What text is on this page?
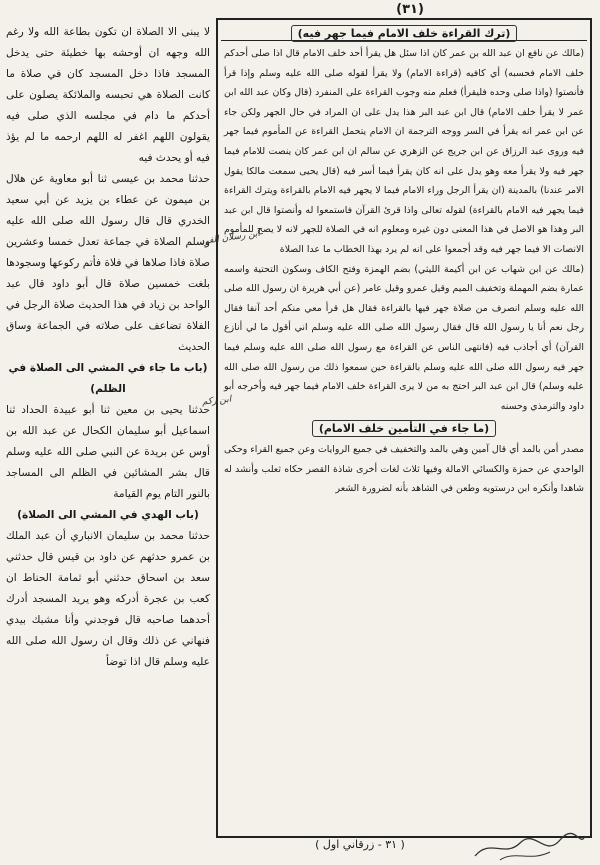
(٣١)
(ترك القراءة خلف الامام فيما جهر فيه)

(مالك عن نافع ان عبد الله بن عمر كان اذا سئل هل يقرأ أحد خلف الامام قال اذا صلى أحدكم خلف الامام فحسبه) أي كافيه (قراءة الامام) ولا يقرأ لقوله صلى الله عليه وسلم وإذا قرأ فأنصتوا (واذا صلى وحده فليقرأ) فعلم منه وجوب القراءة على المنفرد (قال وكان عبد الله ابن عمر لا يقرأ خلف الامام) قال ابن عبد البر هذا يدل على ان المراد في حال الجهر ولكن جاء عن ابن عمر انه يقرأ في السر ووجه الترجمة ان الامام يتحمل القراءة عن المأموم فيما جهر فيه وروى عبد الرزاق عن ابن جريج عن الزهري عن سالم ان ابن عمر كان ينصت للامام فيما جهر فيه ولا يقرأ معه وهو يدل على انه كان يقرأ فيما أسر فيه (قال يحيى سمعت مالكا يقول الامر عندنا) بالمدينة (ان يقرأ الرجل وراء الامام فيما لا يجهر فيه الامام بالقراءة ويترك القراءة فيما يجهر فيه الامام بالقراءة) لقوله تعالى واذا قرئ القرآن فاستمعوا له وأنصتوا قال ابن عبد البر وهذا هو الاصل في هذا المعنى دون غيره ومعلوم انه في الصلاة للجهر لانه لا يصح للمأموم الانصات الا فيما جهر فيه وقد أجمعوا على انه لم يرد بهذا الخطاب ما عدا الصلاة

(مالك عن ابن شهاب عن ابن أكيمة الليثي) بضم الهمزة وفتح الكاف وسكون التحتية واسمه عمارة بضم المهملة وتخفيف الميم وقيل عمرو وقيل عامر (عن أبي هريرة ان رسول الله صلى الله عليه وسلم انصرف من صلاة جهر فيها بالقراءة فقال هل قرأ معي منكم أحد آنفا فقال رجل نعم أنا يا رسول الله قال فقال رسول الله صلى الله عليه وسلم اني أقول ما لي أنازع القرآن) أي أجاذب فيه (فانتهى الناس عن القراءة مع رسول الله صلى الله عليه وسلم فيما جهر فيه رسول الله صلى الله عليه وسلم بالقراءة حين سمعوا ذلك من رسول الله صلى الله عليه وسلم) قال ابن عبد البر احتج به من لا يرى القراءة خلف الامام فيما جهر فيه وأخرجه أبو داود والترمذي وحسنه

(ما جاء في التأمين خلف الامام)

مصدر أمن بالمد أي قال آمين وهي بالمد والتخفيف في جميع الروايات وعن جميع القراء وحكى الواحدي عن حمزة والكسائي الامالة وفيها ثلاث لغات أخرى شاذة القصر حكاه ثعلب وأنشد له شاهدا وأنكره ابن درستويه وطعن في الشاهد بأنه لضرورة الشعر

لا يبنى الا الصلاة ان تكون بطاعة الله ولا رغم الله وجهه ان أوحشه بها خطيئة حتى يدخل المسجد فاذا دخل المسجد كان في صلاة ما كانت الصلاة هي تحبسه والملائكة يصلون على أحدكم ما دام في مجلسه الذي صلى فيه يقولون اللهم اغفر له اللهم ارحمه ما لم يؤذ فيه أو يحدث فيه

حدثنا محمد بن عيسى ثنا أبو معاوية عن هلال بن ميمون عن عطاء بن يزيد عن أبي سعيد الخدري قال قال رسول الله صلى الله عليه وسلم الصلاة في جماعة تعدل خمسا وعشرين صلاة فاذا صلاها في فلاة فأتم ركوعها وسجودها بلغت خمسين صلاة قال أبو داود قال عبد الواحد بن زياد في هذا الحديث صلاة الرجل في الفلاة تضاعف على صلاته في الجماعة وساق الحديث

(باب ما جاء في المشي الى الصلاة في الظلم)

حدثنا يحيى بن معين ثنا أبو عبيدة الحداد ثنا اسماعيل أبو سليمان الكحال عن عبد الله بن أوس عن بريدة عن النبي صلى الله عليه وسلم قال بشر المشائين في الظلم الى المساجد بالنور التام يوم القيامة

(باب الهدي في المشي الى الصلاة)

حدثنا محمد بن سليمان الانباري أن عبد الملك بن عمرو حدثهم عن داود بن قيس قال حدثني سعد بن اسحاق حدثني أبو ثمامة الحناط ان كعب بن عجرة أدركه وهو يريد المسجد أدرك أحدهما صاحبه قال فوجدني وأنا مشبك بيدي فنهاني عن ذلك وقال ان رسول الله صلى الله عليه وسلم قال اذا توضأ

ابن رسلان الفرد
ابن ركم
( ٣١ - زرقاني اول )
